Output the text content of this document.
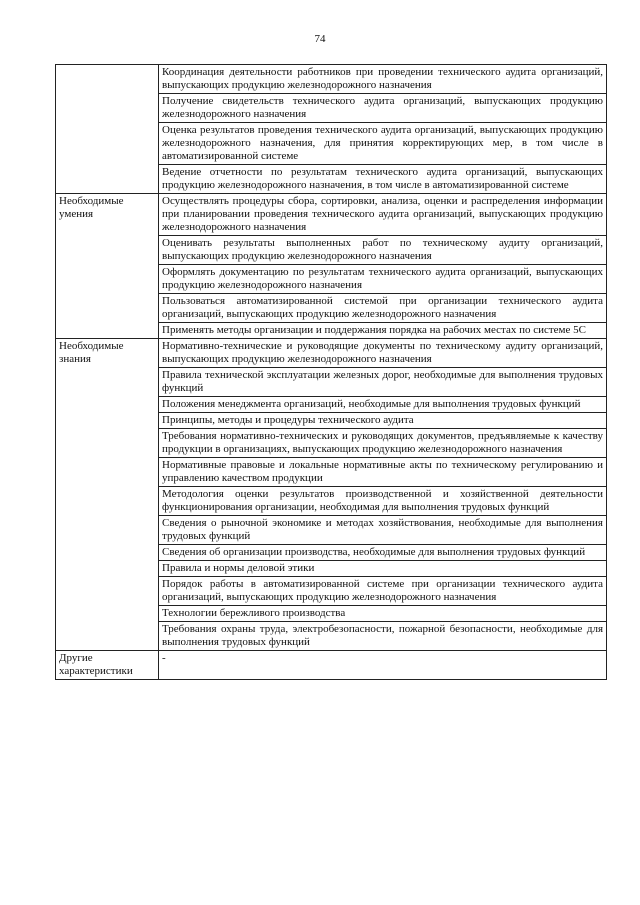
74
	Координация деятельности работников при проведении технического аудита организаций, выпускающих продукцию железнодорожного назначения
	Получение свидетельств технического аудита организаций, выпускающих продукцию железнодорожного назначения
	Оценка результатов проведения технического аудита организаций, выпускающих продукцию железнодорожного назначения, для принятия корректирующих мер, в том числе в автоматизированной системе
	Ведение отчетности по результатам технического аудита организаций, выпускающих продукцию железнодорожного назначения, в том числе в автоматизированной системе
Необходимые умения	Осуществлять процедуры сбора, сортировки, анализа, оценки и распределения информации при планировании проведения технического аудита организаций, выпускающих продукцию железнодорожного назначения
	Оценивать результаты выполненных работ по техническому аудиту организаций, выпускающих продукцию железнодорожного назначения
	Оформлять документацию по результатам технического аудита организаций, выпускающих продукцию железнодорожного назначения
	Пользоваться автоматизированной системой при организации технического аудита организаций, выпускающих продукцию железнодорожного назначения
	Применять методы организации и поддержания порядка на рабочих местах по системе 5С
Необходимые знания	Нормативно-технические и руководящие документы по техническому аудиту организаций, выпускающих продукцию железнодорожного назначения
	Правила технической эксплуатации железных дорог, необходимые для выполнения трудовых функций
	Положения менеджмента организаций, необходимые для выполнения трудовых функций
	Принципы, методы и процедуры технического аудита
	Требования нормативно-технических и руководящих документов, предъявляемые к качеству продукции в организациях, выпускающих продукцию железнодорожного назначения
	Нормативные правовые и локальные нормативные акты по техническому регулированию и управлению качеством продукции
	Методология оценки результатов производственной и хозяйственной деятельности функционирования организации, необходимая для выполнения трудовых функций
	Сведения о рыночной экономике и методах хозяйствования, необходимые для выполнения трудовых функций
	Сведения об организации производства, необходимые для выполнения трудовых функций
	Правила и нормы деловой этики
	Порядок работы в автоматизированной системе при организации технического аудита организаций, выпускающих продукцию железнодорожного назначения
	Технологии бережливого производства
	Требования охраны труда, электробезопасности, пожарной безопасности, необходимые для выполнения трудовых функций
Другие характеристики	-
